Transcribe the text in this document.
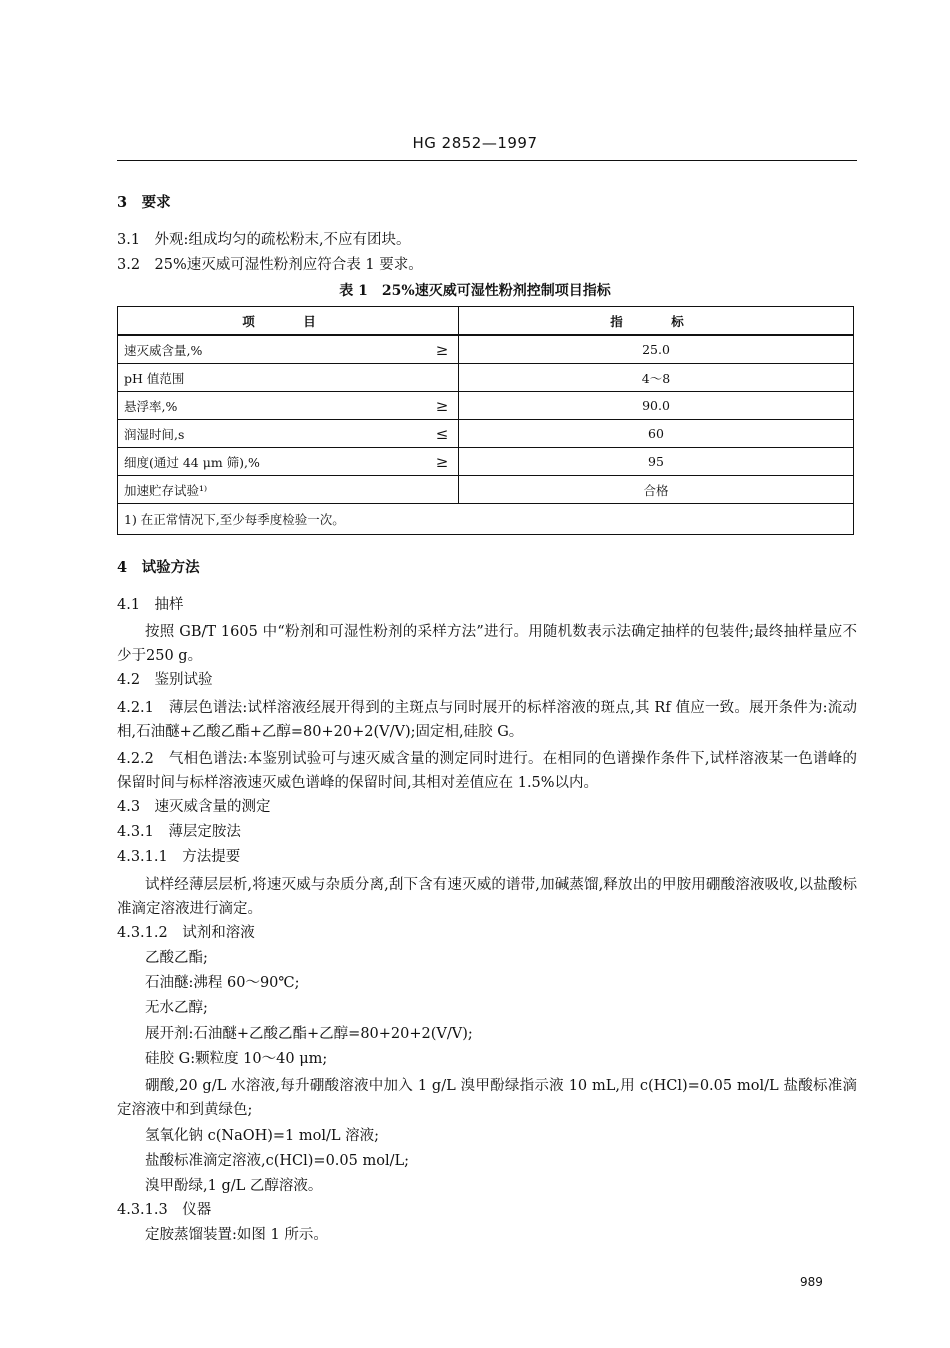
HG 2852—1997
3　要求
3.1　外观:组成均匀的疏松粉末,不应有团块。
3.2　25%速灭威可湿性粉剂应符合表 1 要求。
表 1　25%速灭威可湿性粉剂控制项目指标
项　目		指　标
速灭威含量,%	≥	25.0
pH 值范围		4～8
悬浮率,%	≥	90.0
润湿时间,s	≤	60
细度(通过 44 μm 筛),%	≥	95
加速贮存试验¹⁾		合格
1) 在正常情况下,至少每季度检验一次。		
4　试验方法
4.1　抽样
按照 GB/T 1605 中“粉剂和可湿性粉剂的采样方法”进行。用随机数表示法确定抽样的包装件;最终抽样量应不少于250 g。
4.2　鉴别试验
4.2.1　薄层色谱法:试样溶液经展开得到的主斑点与同时展开的标样溶液的斑点,其 Rf 值应一致。展开条件为:流动相,石油醚+乙酸乙酯+乙醇=80+20+2(V/V);固定相,硅胶 G。
4.2.2　气相色谱法:本鉴别试验可与速灭威含量的测定同时进行。在相同的色谱操作条件下,试样溶液某一色谱峰的保留时间与标样溶液速灭威色谱峰的保留时间,其相对差值应在 1.5%以内。
4.3　速灭威含量的测定
4.3.1　薄层定胺法
4.3.1.1　方法提要
试样经薄层层析,将速灭威与杂质分离,刮下含有速灭威的谱带,加碱蒸馏,释放出的甲胺用硼酸溶液吸收,以盐酸标准滴定溶液进行滴定。
4.3.1.2　试剂和溶液
乙酸乙酯;
石油醚:沸程 60～90℃;
无水乙醇;
展开剂:石油醚+乙酸乙酯+乙醇=80+20+2(V/V);
硅胶 G:颗粒度 10～40 μm;
硼酸,20 g/L 水溶液,每升硼酸溶液中加入 1 g/L 溴甲酚绿指示液 10 mL,用 c(HCl)=0.05 mol/L 盐酸标准滴定溶液中和到黄绿色;
氢氧化钠 c(NaOH)=1 mol/L 溶液;
盐酸标准滴定溶液,c(HCl)=0.05 mol/L;
溴甲酚绿,1 g/L 乙醇溶液。
4.3.1.3　仪器
定胺蒸馏装置:如图 1 所示。
989
